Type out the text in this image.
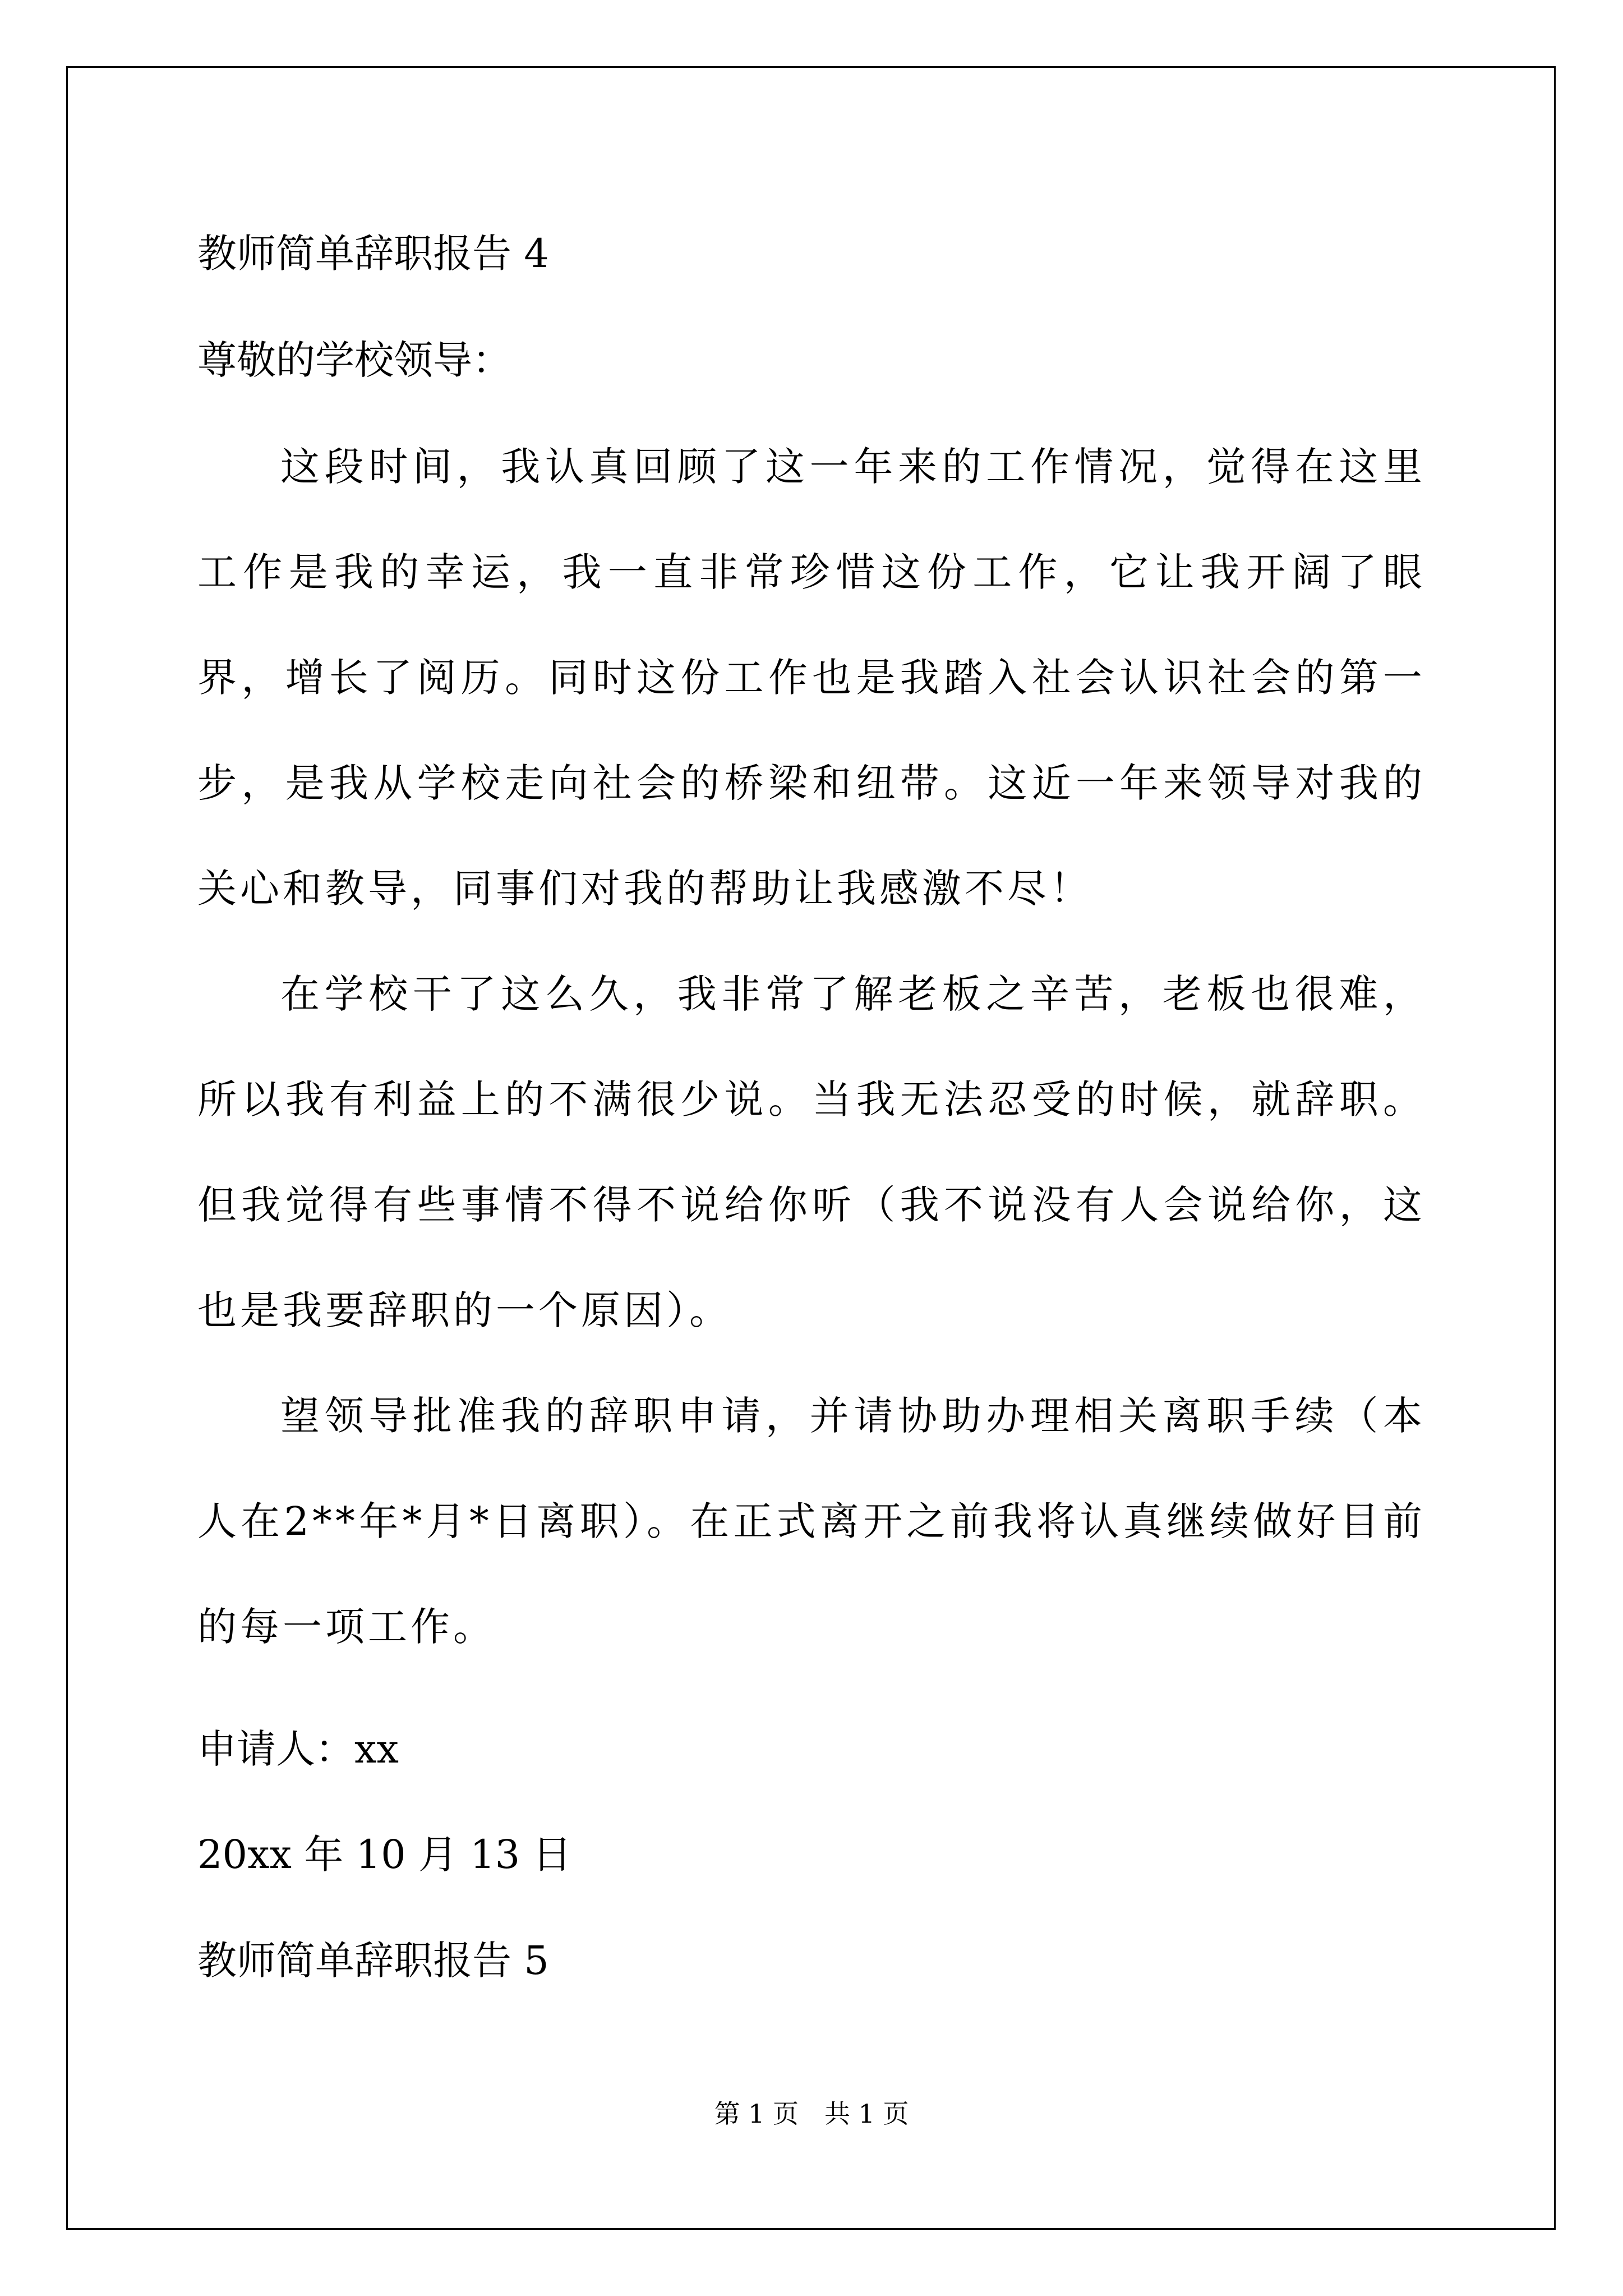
教师简单辞职报告 4
尊敬的学校领导：
这段时间，我认真回顾了这一年来的工作情况，觉得在这里工作是我的幸运，我一直非常珍惜这份工作，它让我开阔了眼界，增长了阅历。同时这份工作也是我踏入社会认识社会的第一步，是我从学校走向社会的桥梁和纽带。这近一年来领导对我的关心和教导，同事们对我的帮助让我感激不尽！
在学校干了这么久，我非常了解老板之辛苦，老板也很难，所以我有利益上的不满很少说。当我无法忍受的时候，就辞职。但我觉得有些事情不得不说给你听（我不说没有人会说给你，这也是我要辞职的一个原因）。
望领导批准我的辞职申请，并请协助办理相关离职手续（本人在2**年*月*日离职）。在正式离开之前我将认真继续做好目前的每一项工作。
申请人：xx
20xx 年 10 月 13 日
教师简单辞职报告 5
第 1 页　共 1 页
